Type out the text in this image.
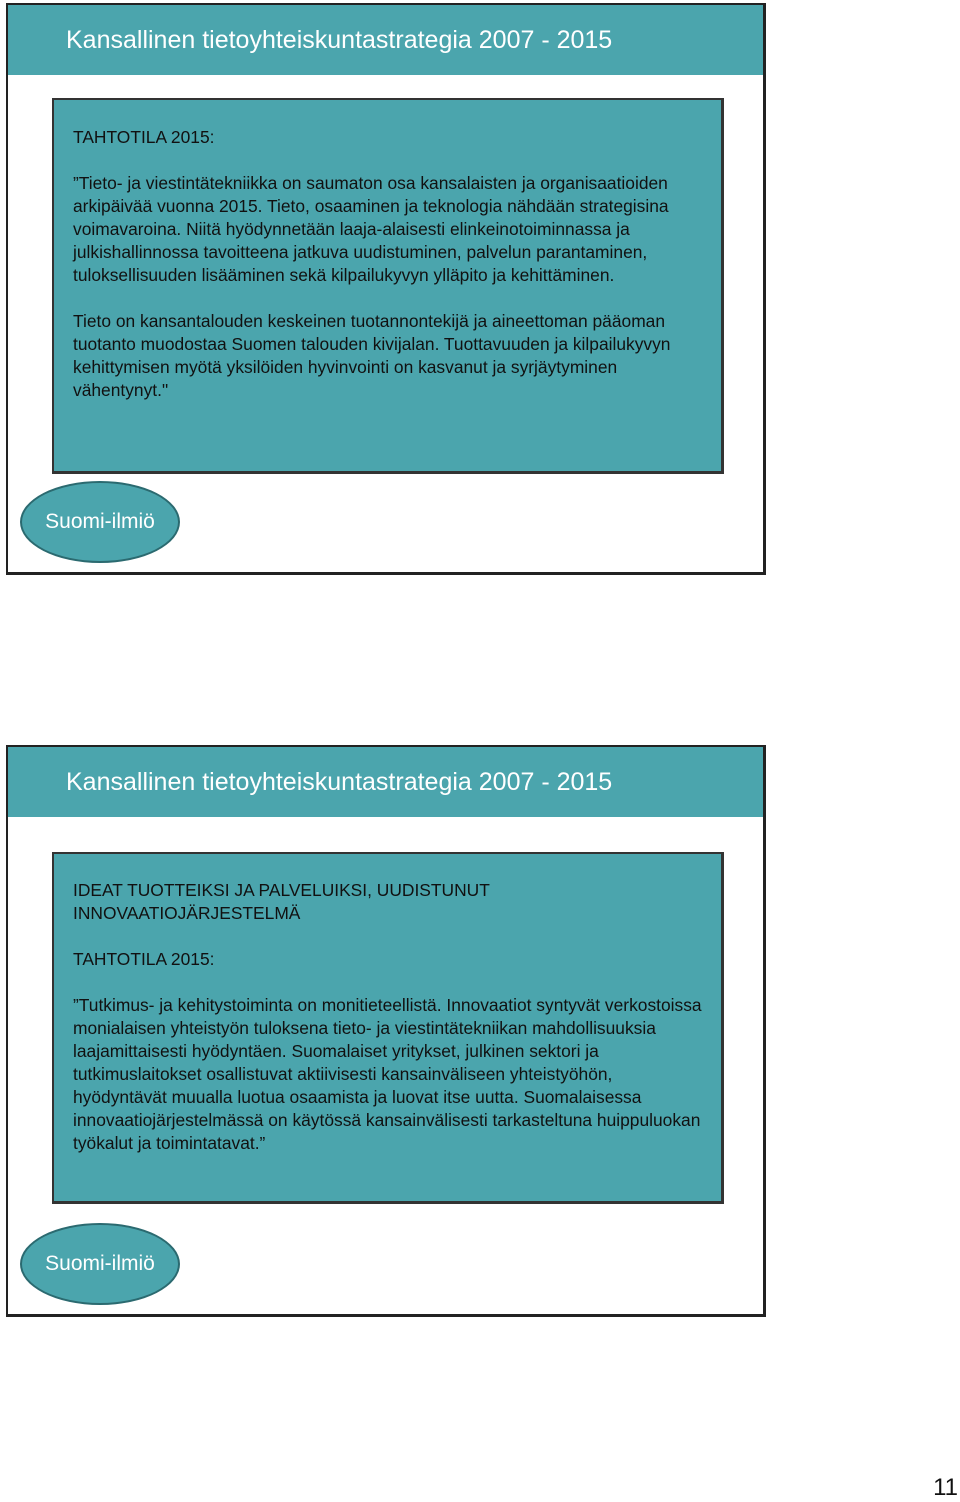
Kansallinen tietoyhteiskuntastrategia 2007 - 2015

TAHTOTILA 2015:

”Tieto- ja viestintätekniikka on saumaton osa kansalaisten ja organisaatioiden arkipäivää vuonna 2015. Tieto, osaaminen ja teknologia nähdään strategisina voimavaroina. Niitä hyödynnetään laaja-alaisesti elinkeinotoiminnassa ja julkishallinnossa tavoitteena jatkuva uudistuminen, palvelun parantaminen, tuloksellisuuden lisääminen sekä kilpailukyvyn ylläpito ja kehittäminen.

Tieto on kansantalouden keskeinen tuotannontekijä ja aineettoman pääoman tuotanto muodostaa Suomen talouden kivijalan. Tuottavuuden ja kilpailukyvyn kehittymisen myötä yksilöiden hyvinvointi on kasvanut ja syrjäytyminen vähentynyt."

Suomi-ilmiö
Kansallinen tietoyhteiskuntastrategia 2007 - 2015

IDEAT TUOTTEIKSI JA PALVELUIKSI, UUDISTUNUT INNOVAATIOJÄRJESTELMÄ

TAHTOTILA 2015:

”Tutkimus- ja kehitystoiminta on monitieteellistä. Innovaatiot syntyvät verkostoissa monialaisen yhteistyön tuloksena tieto- ja viestintätekniikan mahdollisuuksia laajamittaisesti hyödyntäen. Suomalaiset yritykset, julkinen sektori ja tutkimuslaitokset osallistuvat aktiivisesti kansainväliseen yhteistyöhön, hyödyntävät muualla luotua osaamista ja luovat itse uutta. Suomalaisessa innovaatiojärjestelmässä on käytössä kansainvälisesti tarkasteltuna huippuluokan työkalut ja toimintatavat.”

Suomi-ilmiö
11
